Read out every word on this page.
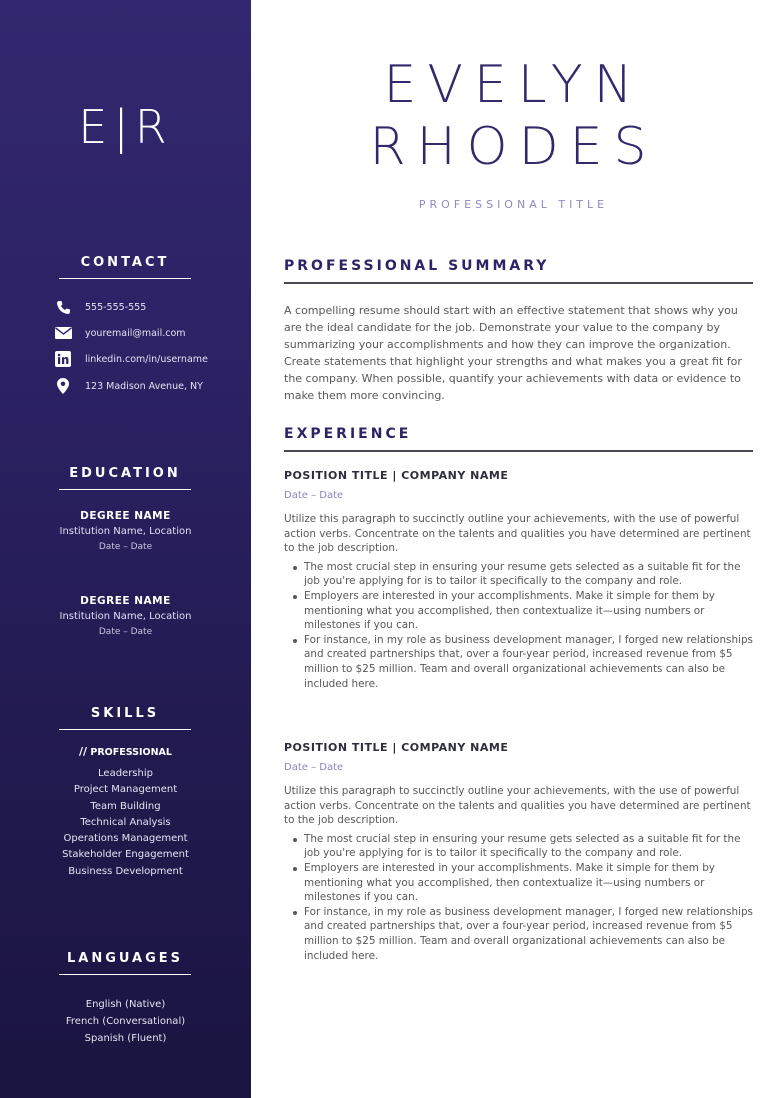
E|R
CONTACT
555-555-555
youremail@mail.com
linkedin.com/in/username
123 Madison Avenue, NY
EDUCATION
DEGREE NAME
Institution Name, Location
Date – Date
DEGREE NAME
Institution Name, Location
Date – Date
SKILLS
// PROFESSIONAL
Leadership
Project Management
Team Building
Technical Analysis
Operations Management
Stakeholder Engagement
Business Development
LANGUAGES
English (Native)
French (Conversational)
Spanish (Fluent)
EVELYN
RHODES
PROFESSIONAL TITLE
PROFESSIONAL SUMMARY
A compelling resume should start with an effective statement that shows why you are the ideal candidate for the job. Demonstrate your value to the company by summarizing your accomplishments and how they can improve the organization. Create statements that highlight your strengths and what makes you a great fit for the company. When possible, quantify your achievements with data or evidence to make them more convincing.
EXPERIENCE
POSITION TITLE | COMPANY NAME
Date – Date
Utilize this paragraph to succinctly outline your achievements, with the use of powerful action verbs. Concentrate on the talents and qualities you have determined are pertinent to the job description.
The most crucial step in ensuring your resume gets selected as a suitable fit for the job you're applying for is to tailor it specifically to the company and role.
Employers are interested in your accomplishments. Make it simple for them by mentioning what you accomplished, then contextualize it—using numbers or milestones if you can.
For instance, in my role as business development manager, I forged new relationships and created partnerships that, over a four-year period, increased revenue from $5 million to $25 million. Team and overall organizational achievements can also be included here.
POSITION TITLE | COMPANY NAME
Date – Date
Utilize this paragraph to succinctly outline your achievements, with the use of powerful action verbs. Concentrate on the talents and qualities you have determined are pertinent to the job description.
The most crucial step in ensuring your resume gets selected as a suitable fit for the job you're applying for is to tailor it specifically to the company and role.
Employers are interested in your accomplishments. Make it simple for them by mentioning what you accomplished, then contextualize it—using numbers or milestones if you can.
For instance, in my role as business development manager, I forged new relationships and created partnerships that, over a four-year period, increased revenue from $5 million to $25 million. Team and overall organizational achievements can also be included here.
